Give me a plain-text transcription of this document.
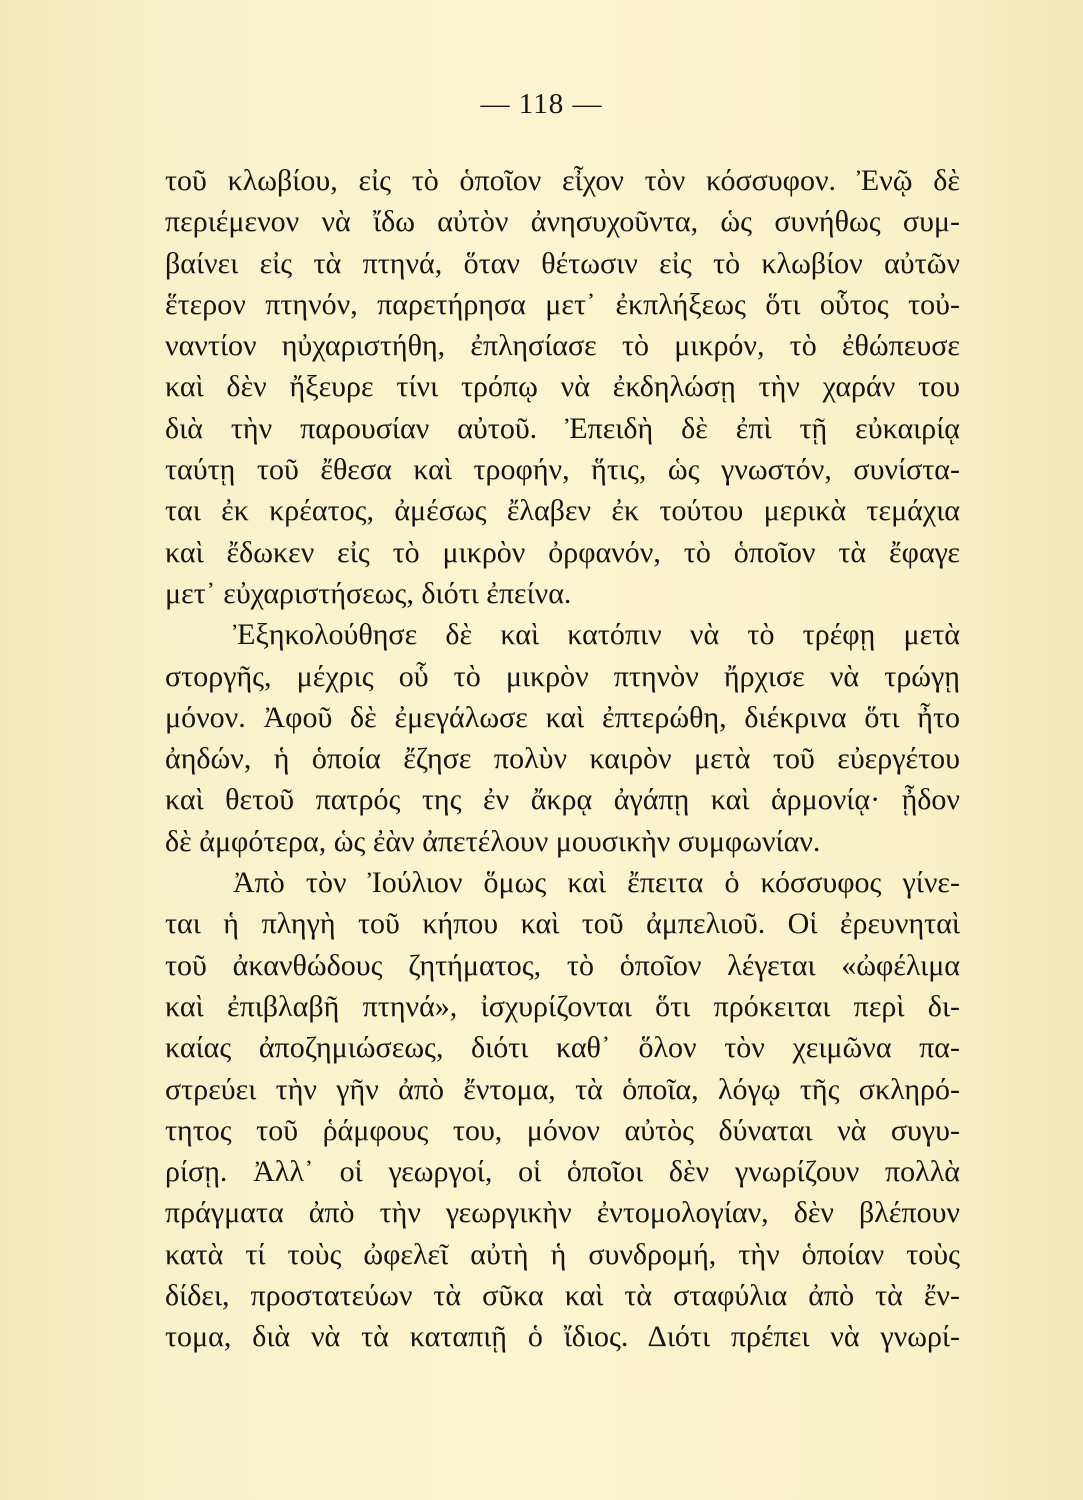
— 118 —
τοῦ κλωβίου, εἰς τὸ ὁποῖον εἶχον τὸν κόσσυφον. Ἐνῷ δὲ
περιέμενον νὰ ἴδω αὐτὸν ἀνησυχοῦντα, ὡς συνήθως συμ-
βαίνει εἰς τὰ πτηνά, ὅταν θέτωσιν εἰς τὸ κλωβίον αὐτῶν
ἕτερον πτηνόν, παρετήρησα μετ᾽ ἐκπλήξεως ὅτι οὗτος τοὐ-
ναντίον ηὐχαριστήθη, ἐπλησίασε τὸ μικρόν, τὸ ἐθώπευσε
καὶ δὲν ἤξευρε τίνι τρόπῳ νὰ ἐκδηλώσῃ τὴν χαράν του
διὰ τὴν παρουσίαν αὐτοῦ. Ἐπειδὴ δὲ ἐπὶ τῇ εὐκαιρίᾳ
ταύτῃ τοῦ ἔθεσα καὶ τροφήν, ἥτις, ὡς γνωστόν, συνίστα-
ται ἐκ κρέατος, ἀμέσως ἔλαβεν ἐκ τούτου μερικὰ τεμάχια
καὶ ἔδωκεν εἰς τὸ μικρὸν ὀρφανόν, τὸ ὁποῖον τὰ ἔφαγε
μετ᾽ εὐχαριστήσεως, διότι ἐπείνα.
Ἐξηκολούθησε δὲ καὶ κατόπιν νὰ τὸ τρέφῃ μετὰ
στοργῆς, μέχρις οὗ τὸ μικρὸν πτηνὸν ἤρχισε νὰ τρώγῃ
μόνον. Ἀφοῦ δὲ ἐμεγάλωσε καὶ ἐπτερώθη, διέκρινα ὅτι ἦτο
ἀηδών, ἡ ὁποία ἔζησε πολὺν καιρὸν μετὰ τοῦ εὐεργέτου
καὶ θετοῦ πατρός της ἐν ἄκρᾳ ἀγάπῃ καὶ ἁρμονίᾳ· ᾖδον
δὲ ἀμφότερα, ὡς ἐὰν ἀπετέλουν μουσικὴν συμφωνίαν.
Ἀπὸ τὸν Ἰούλιον ὅμως καὶ ἔπειτα ὁ κόσσυφος γίνε-
ται ἡ πληγὴ τοῦ κήπου καὶ τοῦ ἀμπελιοῦ. Οἱ ἐρευνηταὶ
τοῦ ἀκανθώδους ζητήματος, τὸ ὁποῖον λέγεται «ὠφέλιμα
καὶ ἐπιβλαβῆ πτηνά», ἰσχυρίζονται ὅτι πρόκειται περὶ δι-
καίας ἀποζημιώσεως, διότι καθ᾽ ὅλον τὸν χειμῶνα πα-
στρεύει τὴν γῆν ἀπὸ ἔντομα, τὰ ὁποῖα, λόγῳ τῆς σκληρό-
τητος τοῦ ῥάμφους του, μόνον αὐτὸς δύναται νὰ συγυ-
ρίσῃ. Ἀλλ᾽ οἱ γεωργοί, οἱ ὁποῖοι δὲν γνωρίζουν πολλὰ
πράγματα ἀπὸ τὴν γεωργικὴν ἐντομολογίαν, δὲν βλέπουν
κατὰ τί τοὺς ὠφελεῖ αὐτὴ ἡ συνδρομή, τὴν ὁποίαν τοὺς
δίδει, προστατεύων τὰ σῦκα καὶ τὰ σταφύλια ἀπὸ τὰ ἔν-
τομα, διὰ νὰ τὰ καταπιῇ ὁ ἴδιος. Διότι πρέπει νὰ γνωρί-
